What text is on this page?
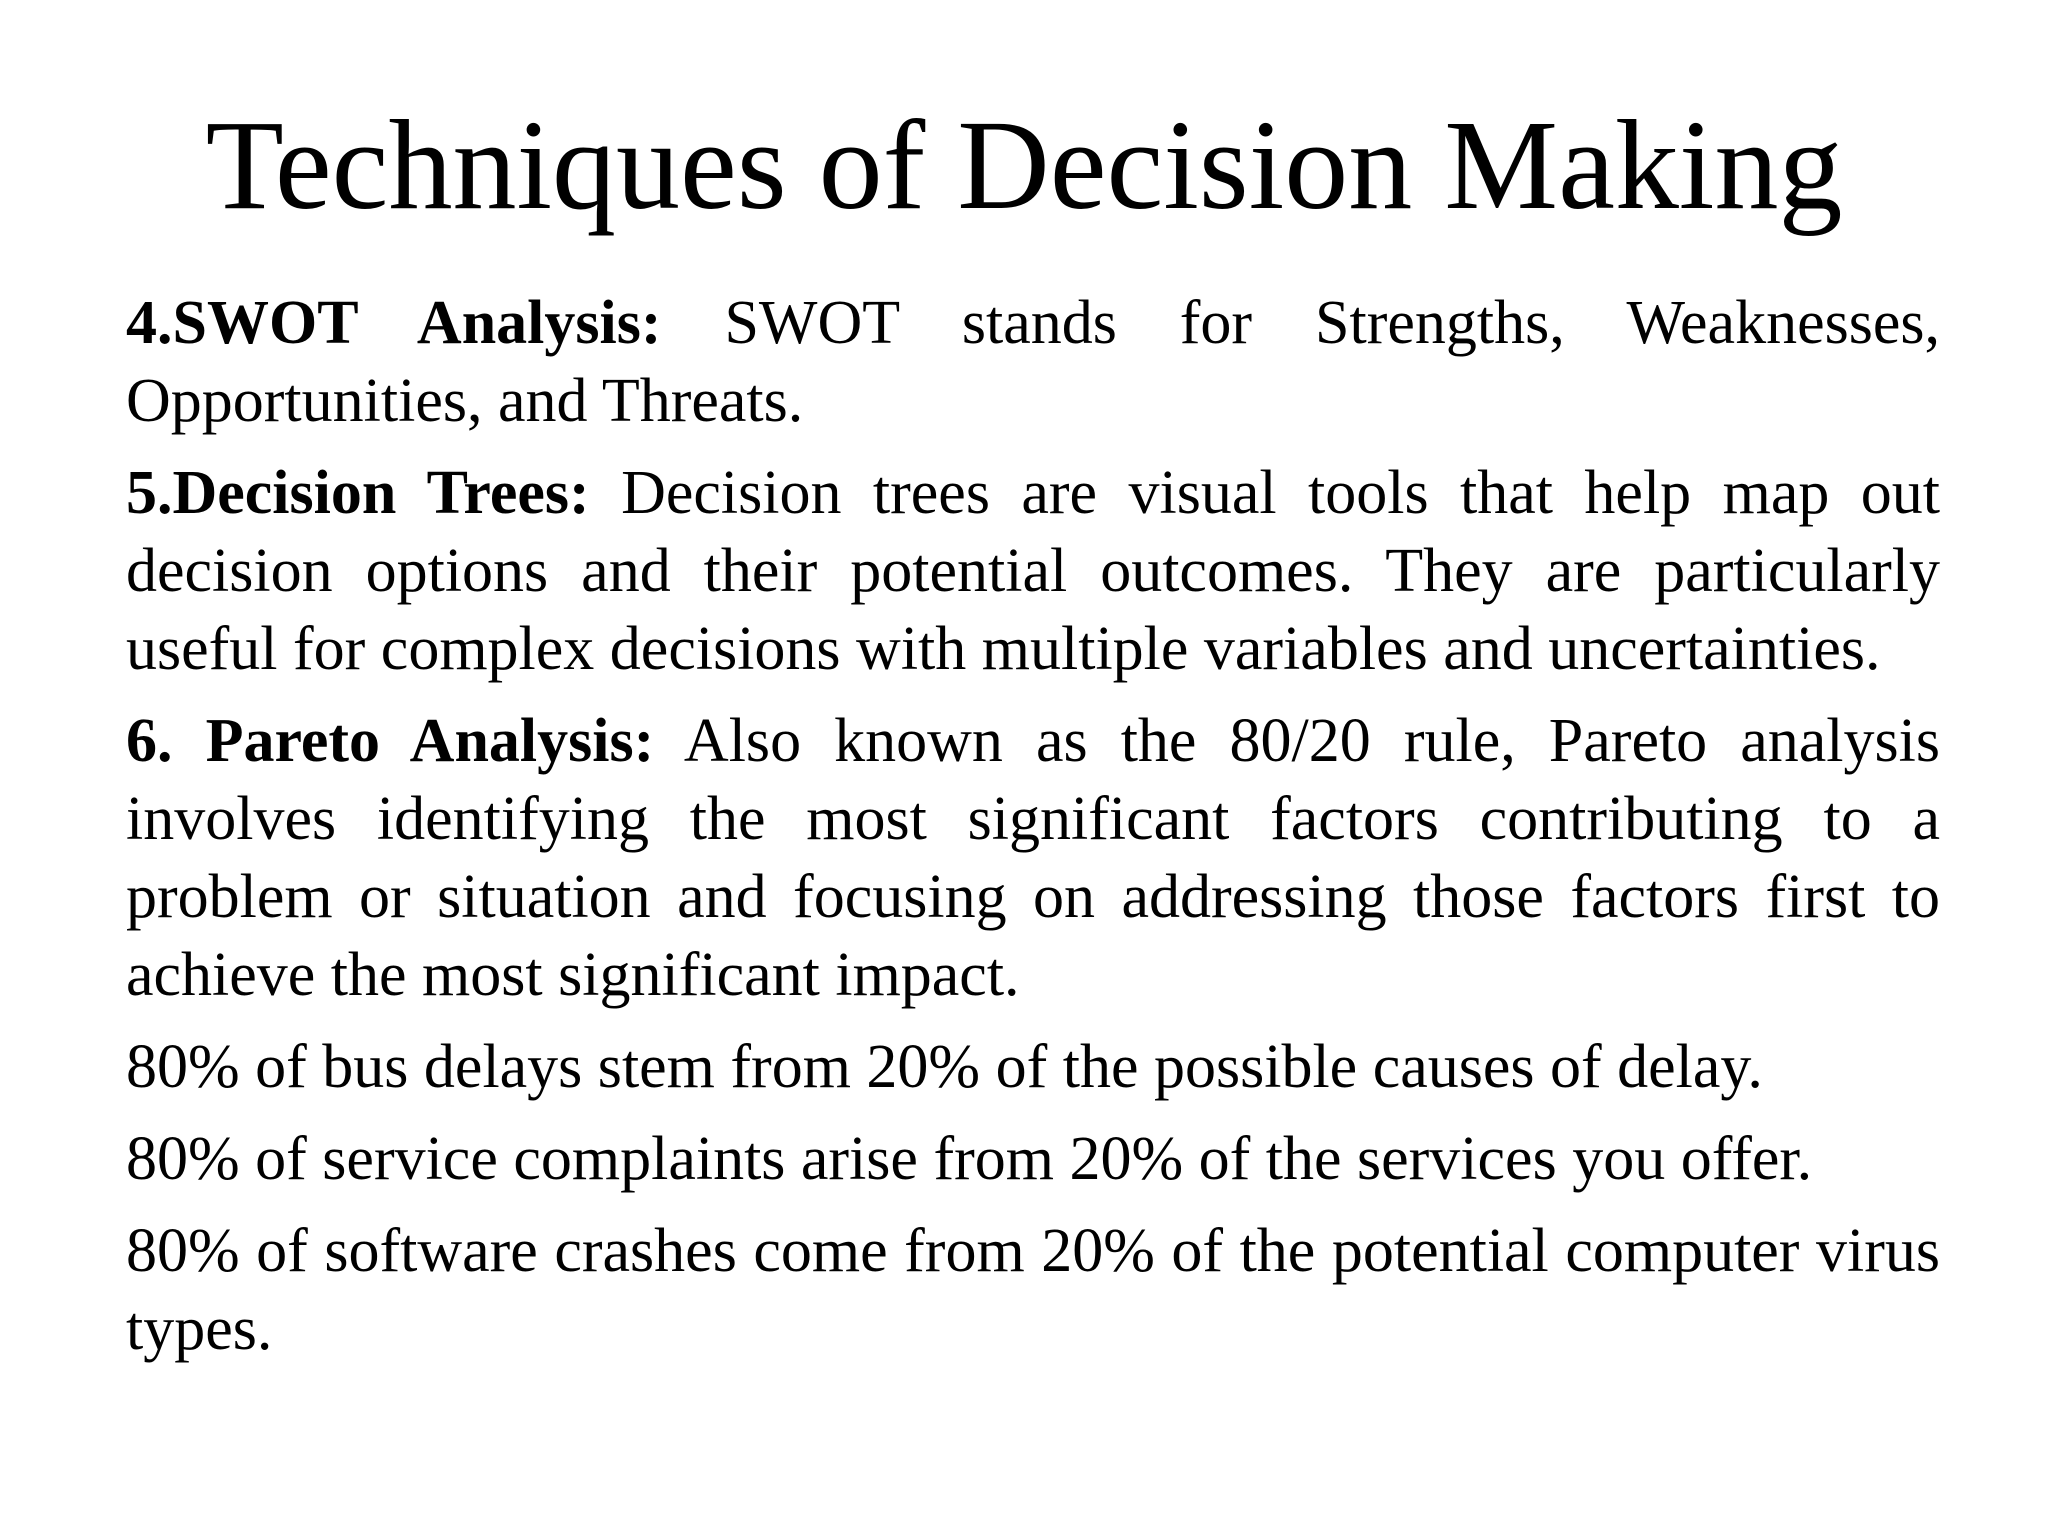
Techniques of Decision Making

4.SWOT Analysis: SWOT stands for Strengths, Weaknesses, Opportunities, and Threats.

5.Decision Trees: Decision trees are visual tools that help map out decision options and their potential outcomes. They are particularly useful for complex decisions with multiple variables and uncertainties.

6. Pareto Analysis: Also known as the 80/20 rule, Pareto analysis involves identifying the most significant factors contributing to a problem or situation and focusing on addressing those factors first to achieve the most significant impact.

80% of bus delays stem from 20% of the possible causes of delay.

80% of service complaints arise from 20% of the services you offer.

80% of software crashes come from 20% of the potential computer virus types.
